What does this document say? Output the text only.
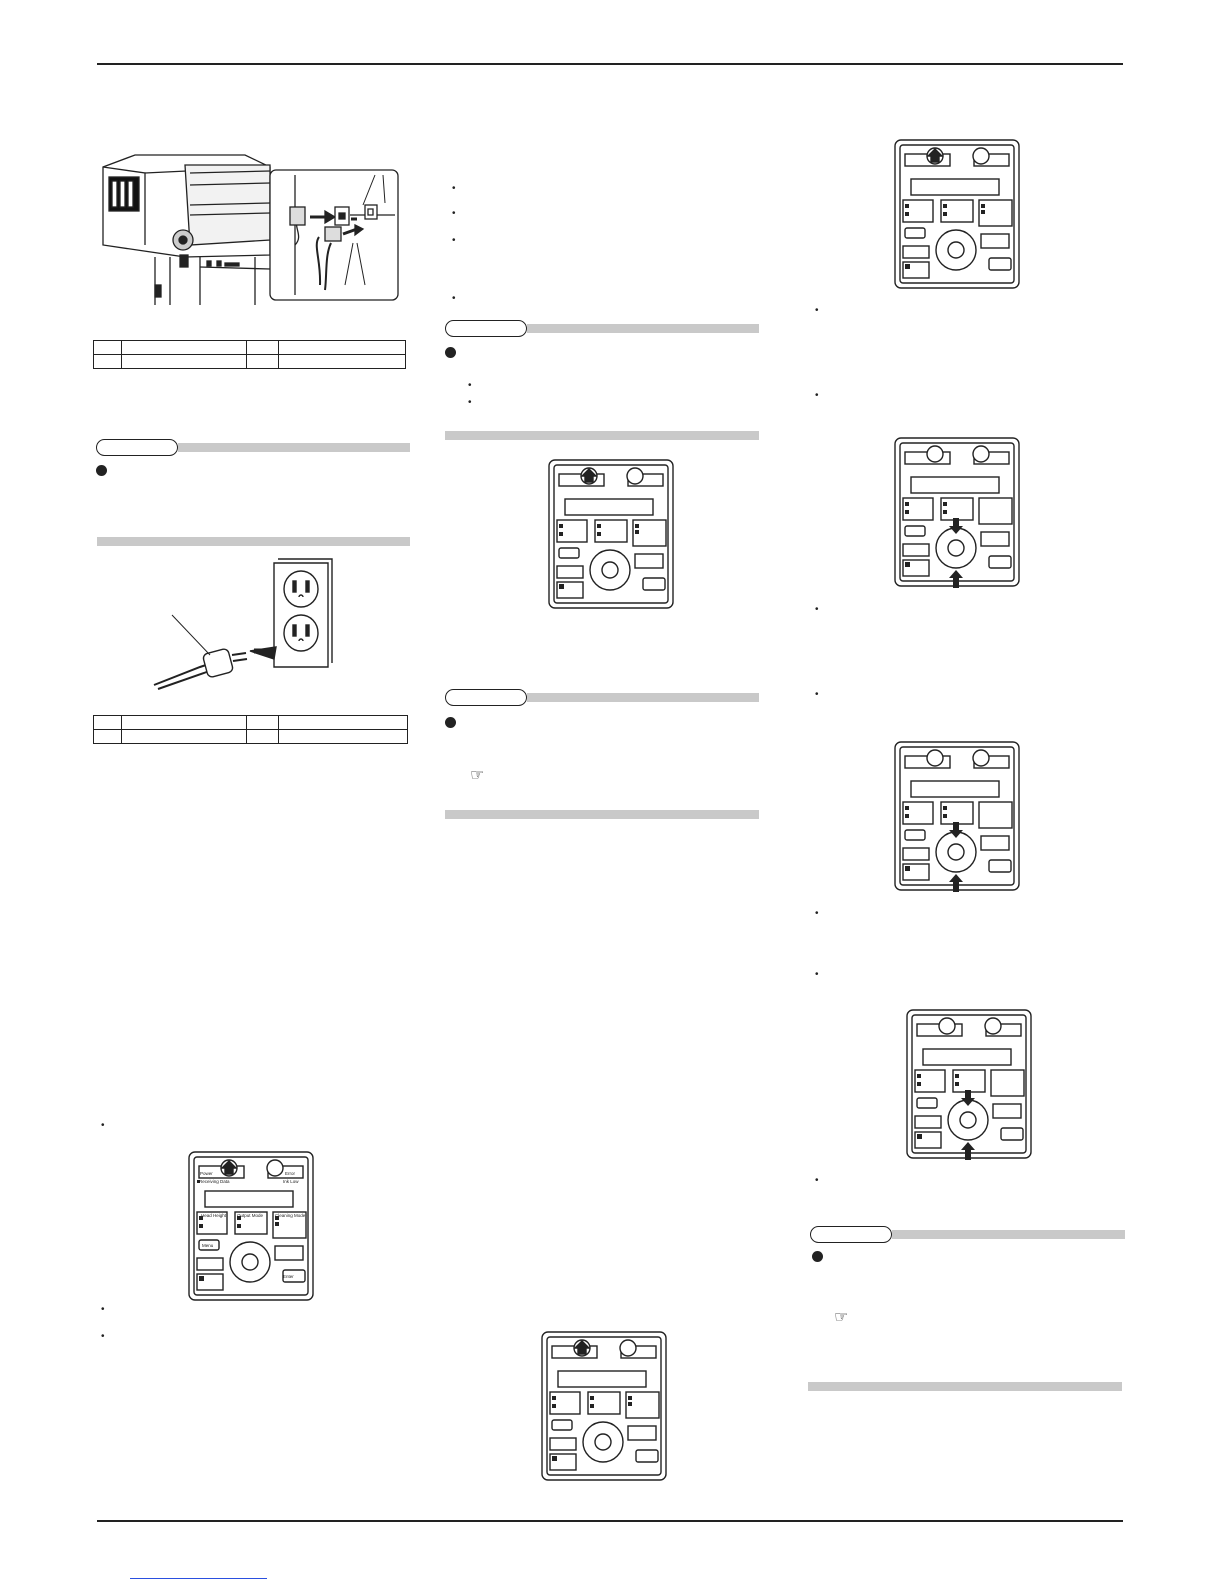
•
Power
Receiving Data
Error
Ink Low
Head Height Output Mode	Cleaning Mode
Menu
Enter
•
•
•
•
•
•
•
•
☞
•
•
•
•
•
•
•
☞
